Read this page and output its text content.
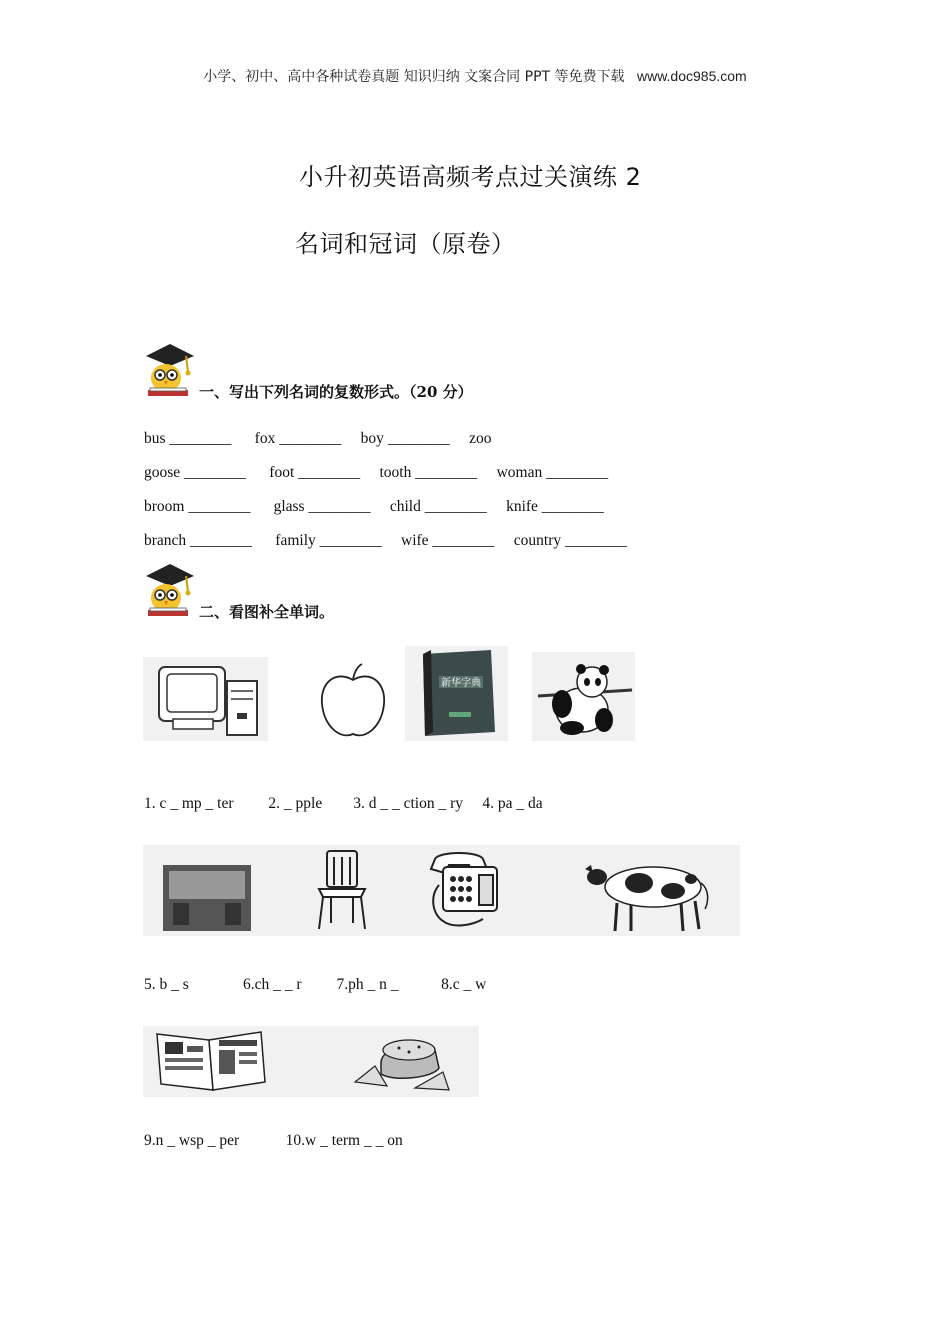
小学、初中、高中各种试卷真题 知识归纳 文案合同 PPT 等免费下载 www.doc985.com
小升初英语高频考点过关演练 2
名词和冠词（原卷）
一、写出下列名词的复数形式。（20 分）
bus ________      fox ________     boy ________     zoo
goose ________      foot ________     tooth ________     woman ________
broom ________      glass ________     child ________     knife ________
branch ________      family ________     wife ________     country ________
二、看图补全单词。
新华字典
1. c _ mp _ ter         2. _ pple        3. d _ _ ction _ ry     4. pa _ da
5. b _ s              6.ch _ _ r         7.ph _ n _           8.c _ w
9.n _ wsp _ per            10.w _ term _ _ on
